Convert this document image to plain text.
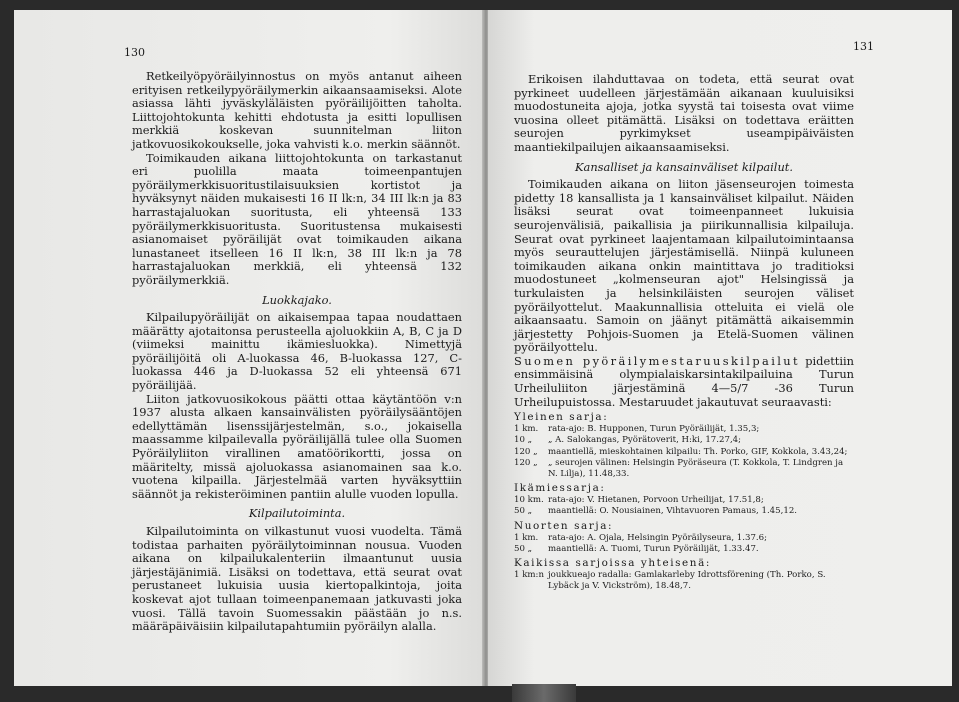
130

Retkeilyöpyöräilyinnostus on myös antanut aiheen erityisen retkeilypyöräilymerkin aikaansaamiseksi. Alote asiassa lähti jyväskyläläisten pyöräilijöitten taholta. Liittojohtokunta kehitti ehdotusta ja esitti lopullisen merkkiä koskevan suunnitelman liiton jatkovuosikokoukselle, joka vahvisti k.o. merkin säännöt.

Toimikauden aikana liittojohtokunta on tarkastanut eri puolilla maata toimeenpantujen pyöräilymerkkisuoritustilaisuuksien kortistot ja hyväksynyt näiden mukaisesti 16 II lk:n, 34 III lk:n ja 83 harrastajaluokan suoritusta, eli yhteensä 133 pyöräilymerkkisuoritusta. Suoritustensa mukaisesti asianomaiset pyöräilijät ovat toimikauden aikana lunastaneet itselleen 16 II lk:n, 38 III lk:n ja 78 harrastajaluokan merkkiä, eli yhteensä 132 pyöräilymerkkiä.

Luokkajako.

Kilpailupyöräilijät on aikaisempaa tapaa noudattaen määrätty ajotaitonsa perusteella ajoluokkiin A, B, C ja D (viimeksi mainittu ikämiesluokka). Nimettyjä pyöräilijöitä oli A-luokassa 46, B-luokassa 127, C-luokassa 446 ja D-luokassa 52 eli yhteensä 671 pyöräilijää.

Liiton jatkovuosikokous päätti ottaa käytäntöön v:n 1937 alusta alkaen kansainvälisten pyöräilysääntöjen edellyttämän lisenssijärjestelmän, s.o., jokaisella maassamme kilpailevalla pyöräilijällä tulee olla Suomen Pyöräilyliiton virallinen amatöörikortti, jossa on määritelty, missä ajoluokassa asianomainen saa k.o. vuotena kilpailla. Järjestelmää varten hyväksyttiin säännöt ja rekisteröiminen pantiin alulle vuoden lopulla.

Kilpailutoiminta.

Kilpailutoiminta on vilkastunut vuosi vuodelta. Tämä todistaa parhaiten pyöräilytoiminnan nousua. Vuoden aikana on kilpailukalenteriin ilmaantunut uusia järjestäjänimiä. Lisäksi on todettava, että seurat ovat perustaneet lukuisia uusia kiertopalkintoja, joita koskevat ajot tullaan toimeenpanemaan jatkuvasti joka vuosi. Tällä tavoin Suomessakin päästään jo n.s. määräpäiväisiin kilpailutapahtumiin pyöräilyn alalla.

131

Erikoisen ilahduttavaa on todeta, että seurat ovat pyrkineet uudelleen järjestämään aikanaan kuuluisiksi muodostuneita ajoja, jotka syystä tai toisesta ovat viime vuosina olleet pitämättä. Lisäksi on todettava eräitten seurojen pyrkimykset useampipäiväisten maantiekilpailujen aikaansaamiseksi.

Kansalliset ja kansainväliset kilpailut.

Toimikauden aikana on liiton jäsenseurojen toimesta pidetty 18 kansallista ja 1 kansainväliset kilpailut. Näiden lisäksi seurat ovat toimeenpanneet lukuisia seurojenvälisiä, paikallisia ja piirikunnallisia kilpailuja. Seurat ovat pyrkineet laajentamaan kilpailutoimintaansa myös seurauttelujen järjestämisellä. Niinpä kuluneen toimikauden aikana onkin maintittava jo traditioksi muodostuneet „kolmenseuran ajot" Helsingissä ja turkulaisten ja helsinkiläisten seurojen väliset pyöräilyottelut. Maakunnallisia otteluita ei vielä ole aikaansaatu. Samoin on jäänyt pitämättä aikaisemmin järjestetty Pohjois-Suomen ja Etelä-Suomen välinen pyöräilyottelu.

Suomen pyöräilymestaruuskilpailut pidettiin ensimmäisinä olympialaiskarsintakilpailuina Turun Urheiluliiton järjestäminä 4—5/7 -36 Turun Urheilupuistossa. Mestaruudet jakautuvat seuraavasti:

Yleinen sarja:
1 km.	rata-ajo: B. Hupponen, Turun Pyöräilijät, 1.35,3;
10 „	„ A. Salokangas, Pyörätoverit, H:ki, 17.27,4;
120 „	maantiellä, mieskohtainen kilpailu: Th. Porko, GIF, Kokkola, 3.43,24;
120 „	„ seurojen välinen: Helsingin Pyöräseura (T. Kokkola, T. Lindgren ja N. Lilja), 11.48,33.
Ikämiessarja:
10 km. rata-ajo: V. Hietanen, Porvoon Urheilijat, 17.51,8;
50 „	maantiellä: O. Nousiainen, Vihtavuoren Pamaus, 1.45,12.
Nuorten sarja:
1 km.	rata-ajo: A. Ojala, Helsingin Pyöräilyseura, 1.37.6;
50 „	maantiellä: A. Tuomi, Turun Pyöräilijät, 1.33.47.
Kaikissa sarjoissa yhteisenä:
1 km:n joukkueajo radalla: Gamlakarleby Idrottsförening (Th. Porko, S. Lybäck ja V. Vickström), 18.48,7.
